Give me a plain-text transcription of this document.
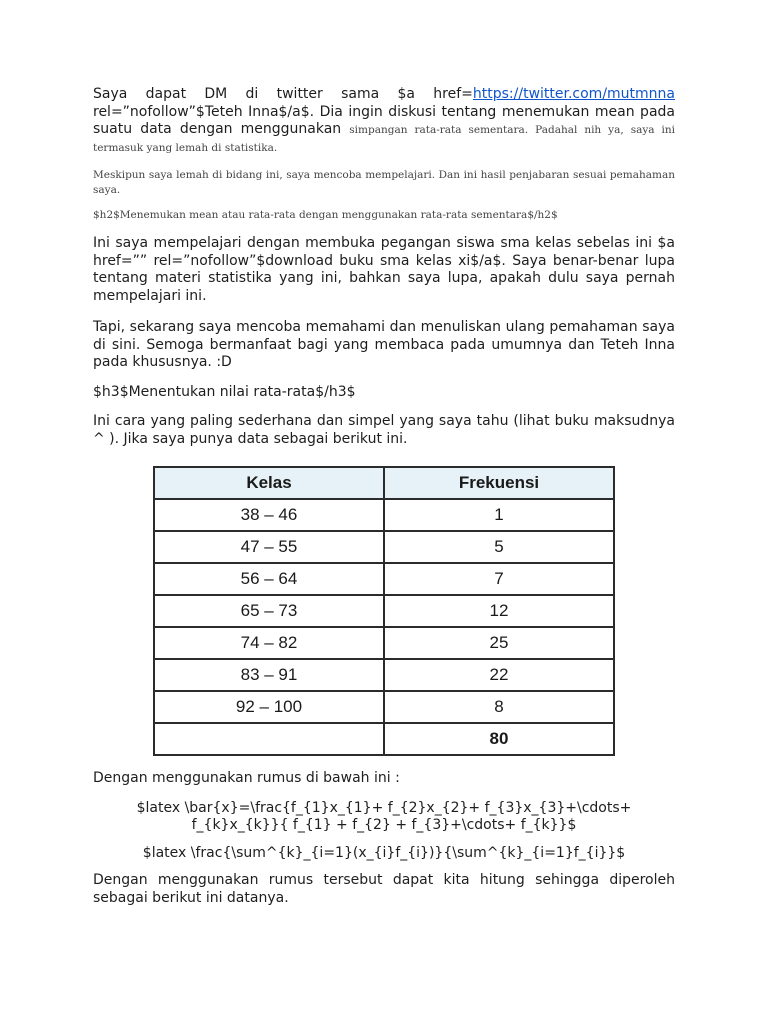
Saya dapat DM di twitter sama $a href=https://twitter.com/mutmnna rel=”nofollow”$Teteh Inna$/a$. Dia ingin diskusi tentang menemukan mean pada suatu data dengan menggunakan simpangan rata-rata sementara. Padahal nih ya, saya ini termasuk yang lemah di statistika.

Meskipun saya lemah di bidang ini, saya mencoba mempelajari. Dan ini hasil penjabaran sesuai pemahaman saya.

$h2$Menemukan mean atau rata-rata dengan menggunakan rata-rata sementara$/h2$

Ini saya mempelajari dengan membuka pegangan siswa sma kelas sebelas ini $a href=”” rel=”nofollow”$download buku sma kelas xi$/a$. Saya benar-benar lupa tentang materi statistika yang ini, bahkan saya lupa, apakah dulu saya pernah mempelajari ini.

Tapi, sekarang saya mencoba memahami dan menuliskan ulang pemahaman saya di sini. Semoga bermanfaat bagi yang membaca pada umumnya dan Teteh Inna pada khususnya. :D

$h3$Menentukan nilai rata-rata$/h3$

Ini cara yang paling sederhana dan simpel yang saya tahu (lihat buku maksudnya ^ ). Jika saya punya data sebagai berikut ini.

Kelas	Frekuensi
38 – 46	1
47 – 55	5
56 – 64	7
65 – 73	12
74 – 82	25
83 – 91	22
92 – 100	8
	80

Dengan menggunakan rumus di bawah ini :

$latex \bar{x}=\frac{f_{1}x_{1}+ f_{2}x_{2}+ f_{3}x_{3}+\cdots+

f_{k}x_{k}}{ f_{1} + f_{2} + f_{3}+\cdots+ f_{k}}$

$latex \frac{\sum^{k}_{i=1}(x_{i}f_{i})}{\sum^{k}_{i=1}f_{i}}$

Dengan menggunakan rumus tersebut dapat kita hitung sehingga diperoleh sebagai berikut ini datanya.
